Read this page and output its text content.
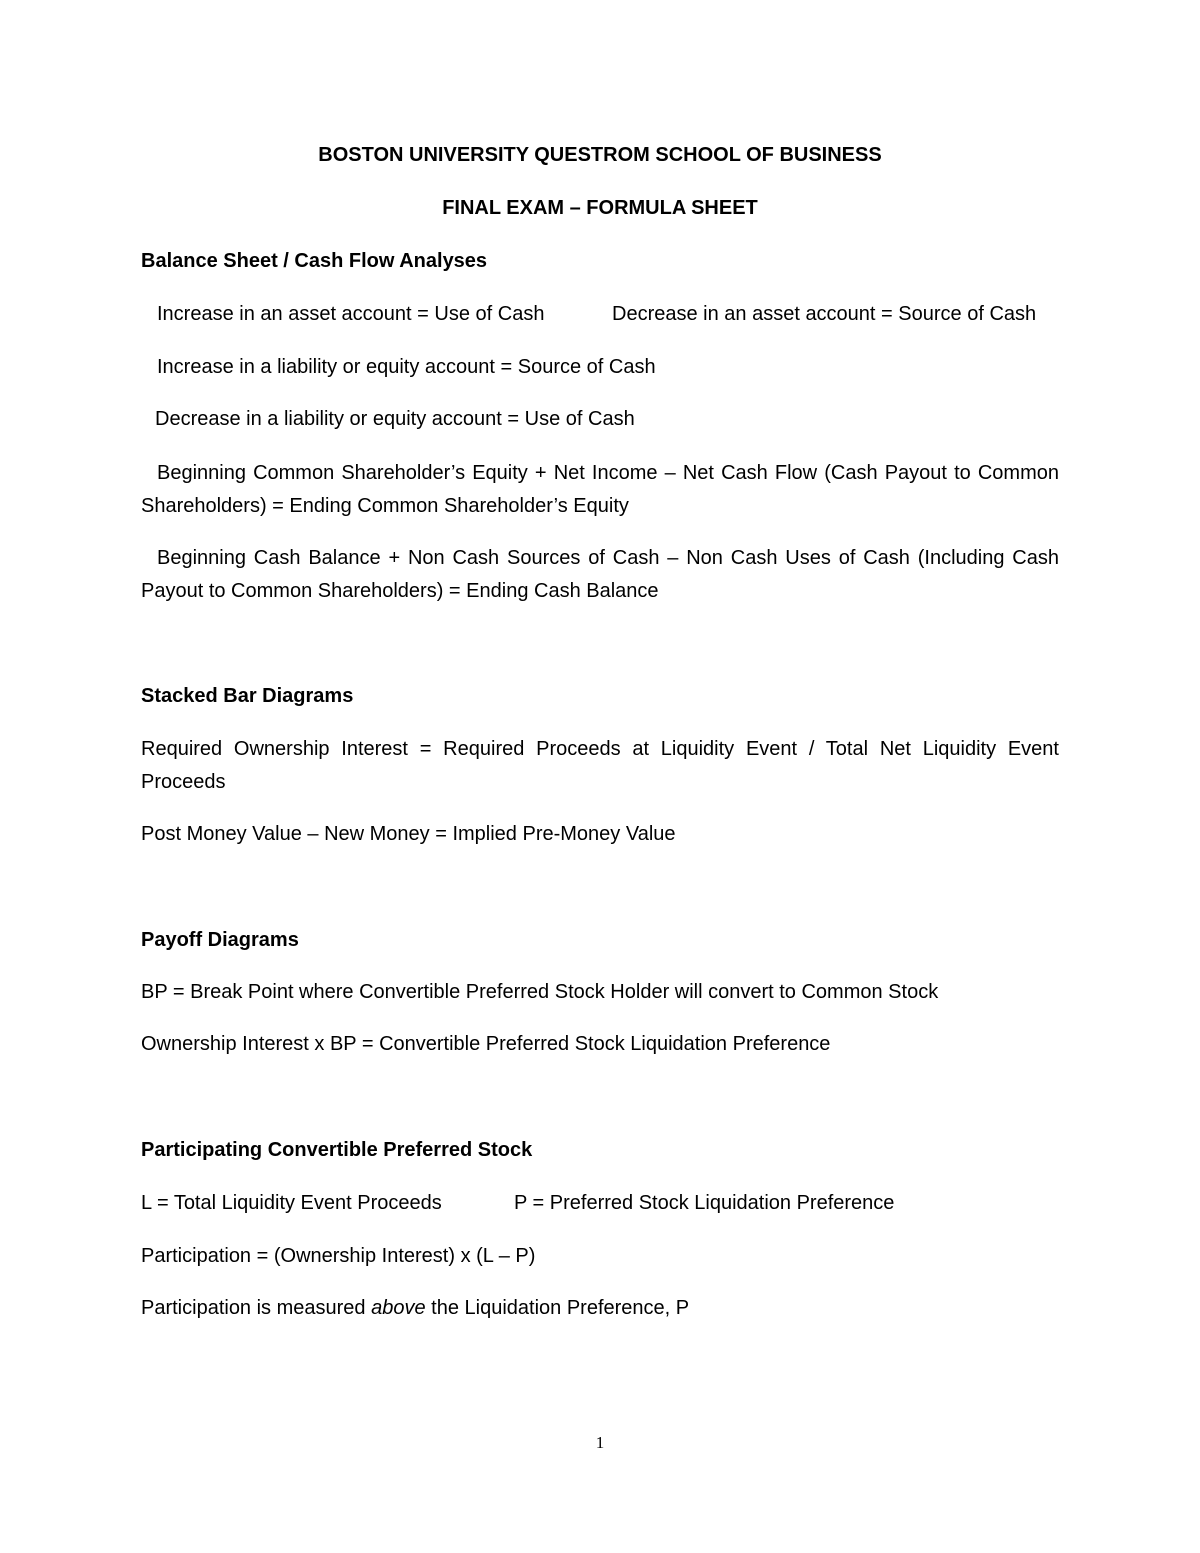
BOSTON UNIVERSITY QUESTROM SCHOOL OF BUSINESS
FINAL EXAM – FORMULA SHEET
Balance Sheet / Cash Flow Analyses
Increase in an asset account = Use of Cash	Decrease in an asset account = Source of Cash
Increase in a liability or equity account = Source of Cash
Decrease in a liability or equity account = Use of Cash
Beginning Common Shareholder’s Equity + Net Income – Net Cash Flow (Cash Payout to Common Shareholders) = Ending Common Shareholder’s Equity
Beginning Cash Balance + Non Cash Sources of Cash – Non Cash Uses of Cash (Including Cash Payout to Common Shareholders) = Ending Cash Balance
Stacked Bar Diagrams
Required Ownership Interest = Required Proceeds at Liquidity Event / Total Net Liquidity Event Proceeds
Post Money Value – New Money = Implied Pre-Money Value
Payoff Diagrams
BP = Break Point where Convertible Preferred Stock Holder will convert to Common Stock
Ownership Interest x BP = Convertible Preferred Stock Liquidation Preference
Participating Convertible Preferred Stock
L = Total Liquidity Event Proceeds	P = Preferred Stock Liquidation Preference
Participation = (Ownership Interest) x (L – P)
Participation is measured above the Liquidation Preference, P
1
